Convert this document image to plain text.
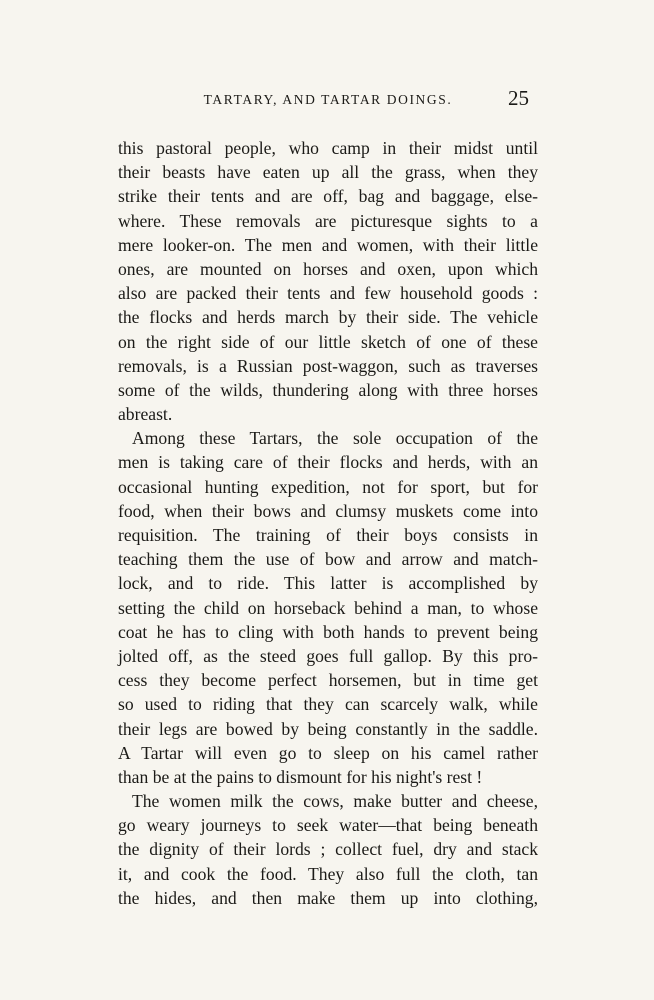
TARTARY, AND TARTAR DOINGS.	25
this pastoral people, who camp in their midst until
their beasts have eaten up all the grass, when they
strike their tents and are off, bag and baggage, else-
where. These removals are picturesque sights to a
mere looker-on. The men and women, with their little
ones, are mounted on horses and oxen, upon which
also are packed their tents and few household goods :
the flocks and herds march by their side. The vehicle
on the right side of our little sketch of one of these
removals, is a Russian post-waggon, such as traverses
some of the wilds, thundering along with three horses
abreast.
Among these Tartars, the sole occupation of the
men is taking care of their flocks and herds, with an
occasional hunting expedition, not for sport, but for
food, when their bows and clumsy muskets come into
requisition. The training of their boys consists in
teaching them the use of bow and arrow and match-
lock, and to ride. This latter is accomplished by
setting the child on horseback behind a man, to whose
coat he has to cling with both hands to prevent being
jolted off, as the steed goes full gallop. By this pro-
cess they become perfect horsemen, but in time get
so used to riding that they can scarcely walk, while
their legs are bowed by being constantly in the saddle.
A Tartar will even go to sleep on his camel rather
than be at the pains to dismount for his night's rest !
The women milk the cows, make butter and cheese,
go weary journeys to seek water—that being beneath
the dignity of their lords ; collect fuel, dry and stack
it, and cook the food. They also full the cloth, tan
the hides, and then make them up into clothing,
